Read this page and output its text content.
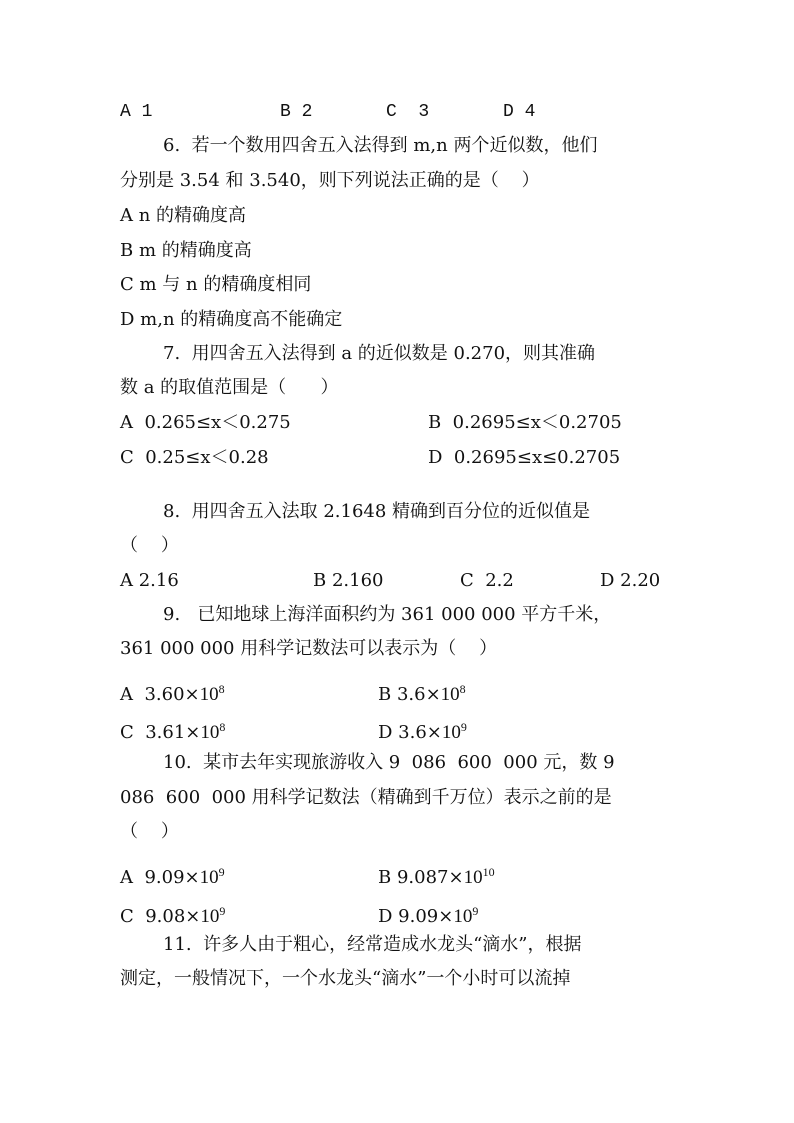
A 1	B 2	C  3	D 4
6.  若一个数用四舍五入法得到 m,n 两个近似数，他们
分别是 3.54 和 3.540，则下列说法正确的是（    ）
A n 的精确度高
B m 的精确度高
C m 与 n 的精确度相同
D m,n 的精确度高不能确定
7.  用四舍五入法得到 a 的近似数是 0.270，则其准确
数 a 的取值范围是（      ）
A  0.265≤x＜0.275	B  0.2695≤x＜0.2705
C  0.25≤x＜0.28	D  0.2695≤x≤0.2705
8.  用四舍五入法取 2.1648 精确到百分位的近似值是
（    ）
A 2.16	B 2.160	C  2.2	D 2.20
9.   已知地球上海洋面积约为 361 000 000 平方千米，
361 000 000 用科学记数法可以表示为（    ）
A  $3.60\times 10^8$	B $3.6\times 10^8$
C  $3.61\times 10^8$	D $3.6\times 10^9$
10.  某市去年实现旅游收入 9  086  600  000 元，数 9
086  600  000 用科学记数法（精确到千万位）表示之前的是
（    ）
A  $9.09\times 10^9$	B $9.087\times 10^{10}$
C  $9.08\times 10^9$	D $9.09\times 10^9$
11.  许多人由于粗心，经常造成水龙头“滴水”，根据
测定，一般情况下，一个水龙头“滴水”一个小时可以流掉
